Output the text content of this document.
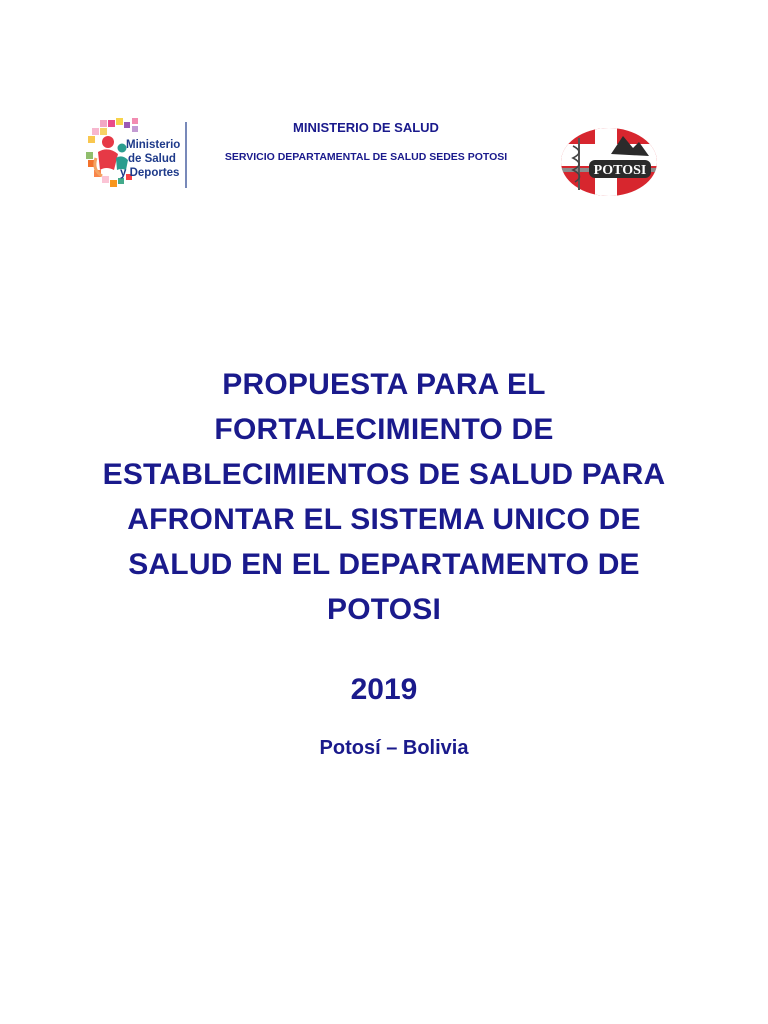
Ministerio
de Salud
y Deportes

MINISTERIO DE SALUD

SERVICIO DEPARTAMENTAL DE SALUD SEDES POTOSI
POTOSI
PROPUESTA PARA EL
FORTALECIMIENTO DE
ESTABLECIMIENTOS DE SALUD PARA
AFRONTAR EL SISTEMA UNICO DE
SALUD EN EL DEPARTAMENTO DE
POTOSI
2019
Potosí – Bolivia
